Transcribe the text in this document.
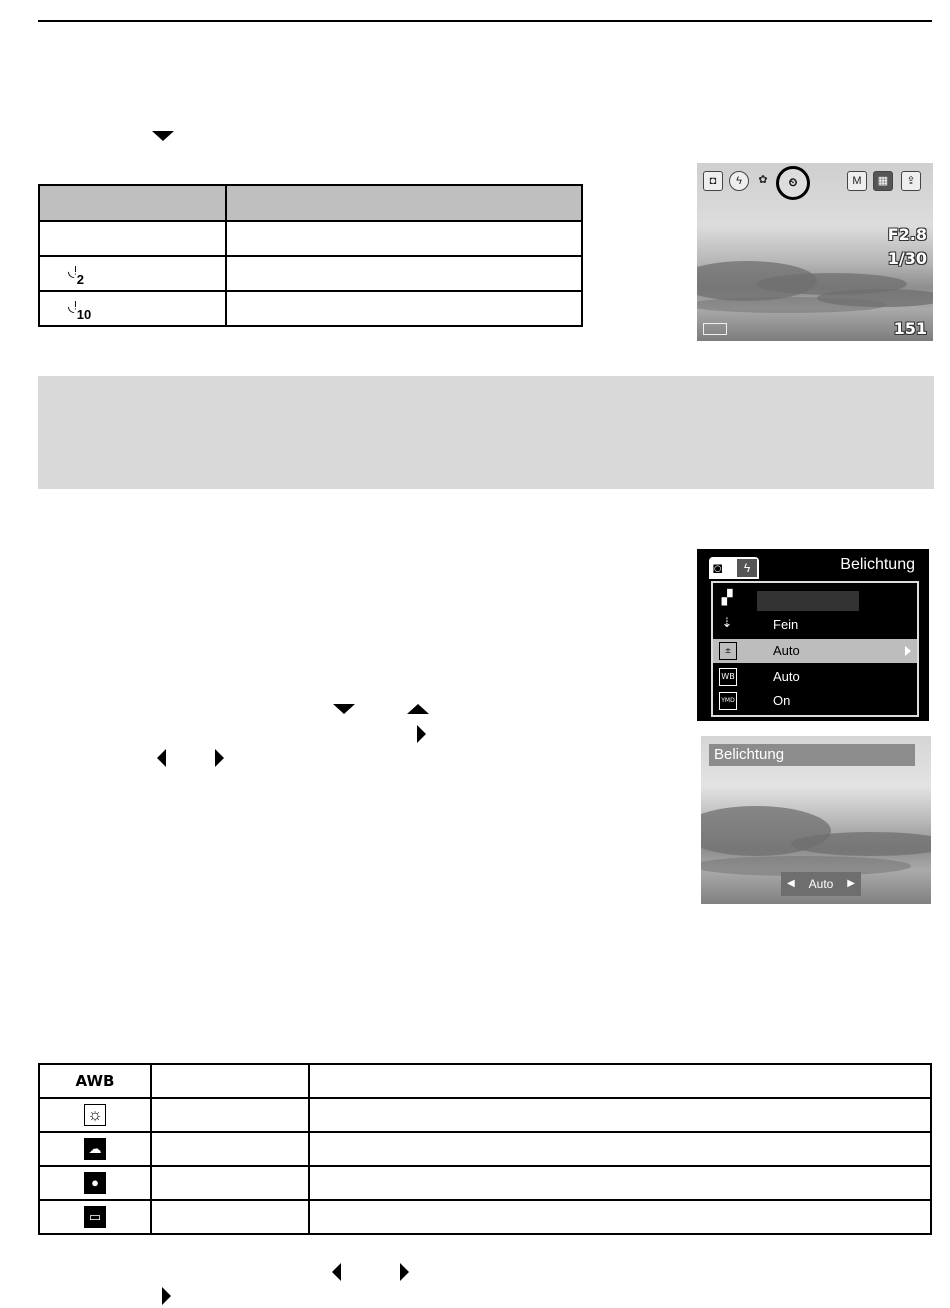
◟ᵎ$_2$	
◟ᵎ$_{10}$	
◘	ϟ	✿	⏲	M	▦	⇪
F2.8
1/30
151
◙	ϟ	Belichtung
▞
⇣	Fein
±	Auto
WB	Auto
YMD	On
Belichtung
◀ Auto ▶
AWB		
☼		
☁		
●		
▭		
